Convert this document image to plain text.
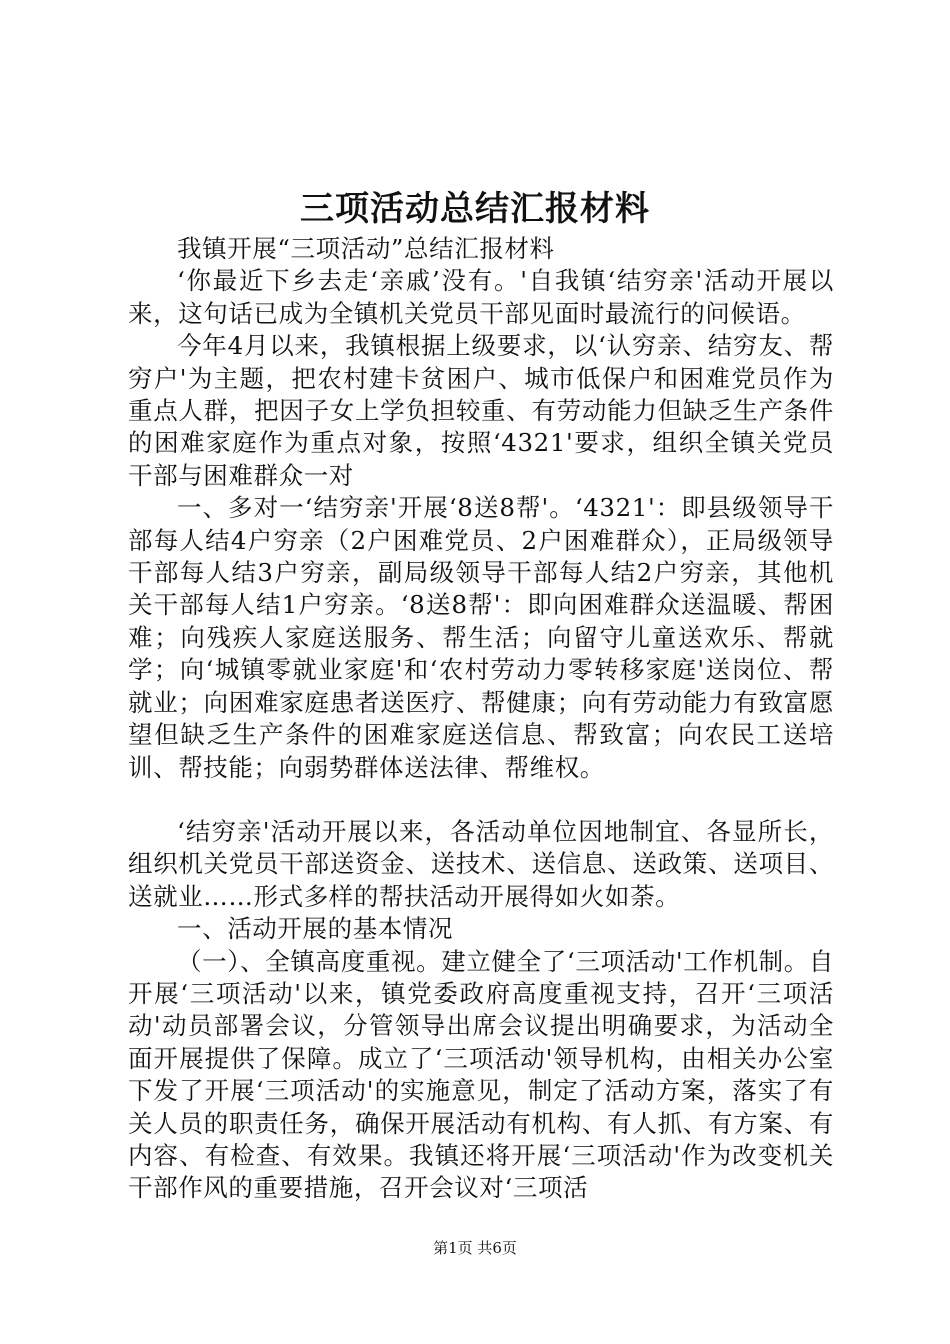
三项活动总结汇报材料

我镇开展“三项活动”总结汇报材料

‘你最近下乡去走‘亲戚’没有。'自我镇‘结穷亲'活动开展以来，这句话已成为全镇机关党员干部见面时最流行的问候语。

今年4月以来，我镇根据上级要求，以‘认穷亲、结穷友、帮穷户'为主题，把农村建卡贫困户、城市低保户和困难党员作为重点人群，把因子女上学负担较重、有劳动能力但缺乏生产条件的困难家庭作为重点对象，按照‘4321'要求，组织全镇关党员干部与困难群众一对

一、多对一‘结穷亲'开展‘8送8帮'。‘4321'：即县级领导干部每人结4户穷亲（2户困难党员、2户困难群众），正局级领导干部每人结3户穷亲，副局级领导干部每人结2户穷亲，其他机关干部每人结1户穷亲。‘8送8帮'：即向困难群众送温暖、帮困难；向残疾人家庭送服务、帮生活；向留守儿童送欢乐、帮就学；向‘城镇零就业家庭'和‘农村劳动力零转移家庭'送岗位、帮就业；向困难家庭患者送医疗、帮健康；向有劳动能力有致富愿望但缺乏生产条件的困难家庭送信息、帮致富；向农民工送培训、帮技能；向弱势群体送法律、帮维权。

‘结穷亲'活动开展以来，各活动单位因地制宜、各显所长，组织机关党员干部送资金、送技术、送信息、送政策、送项目、送就业……形式多样的帮扶活动开展得如火如荼。

一、活动开展的基本情况

（一）、全镇高度重视。建立健全了‘三项活动'工作机制。自开展‘三项活动'以来，镇党委政府高度重视支持，召开‘三项活动'动员部署会议，分管领导出席会议提出明确要求，为活动全面开展提供了保障。成立了‘三项活动'领导机构，由相关办公室下发了开展‘三项活动'的实施意见，制定了活动方案，落实了有关人员的职责任务，确保开展活动有机构、有人抓、有方案、有内容、有检查、有效果。我镇还将开展‘三项活动'作为改变机关干部作风的重要措施，召开会议对‘三项活

第1页 共6页
